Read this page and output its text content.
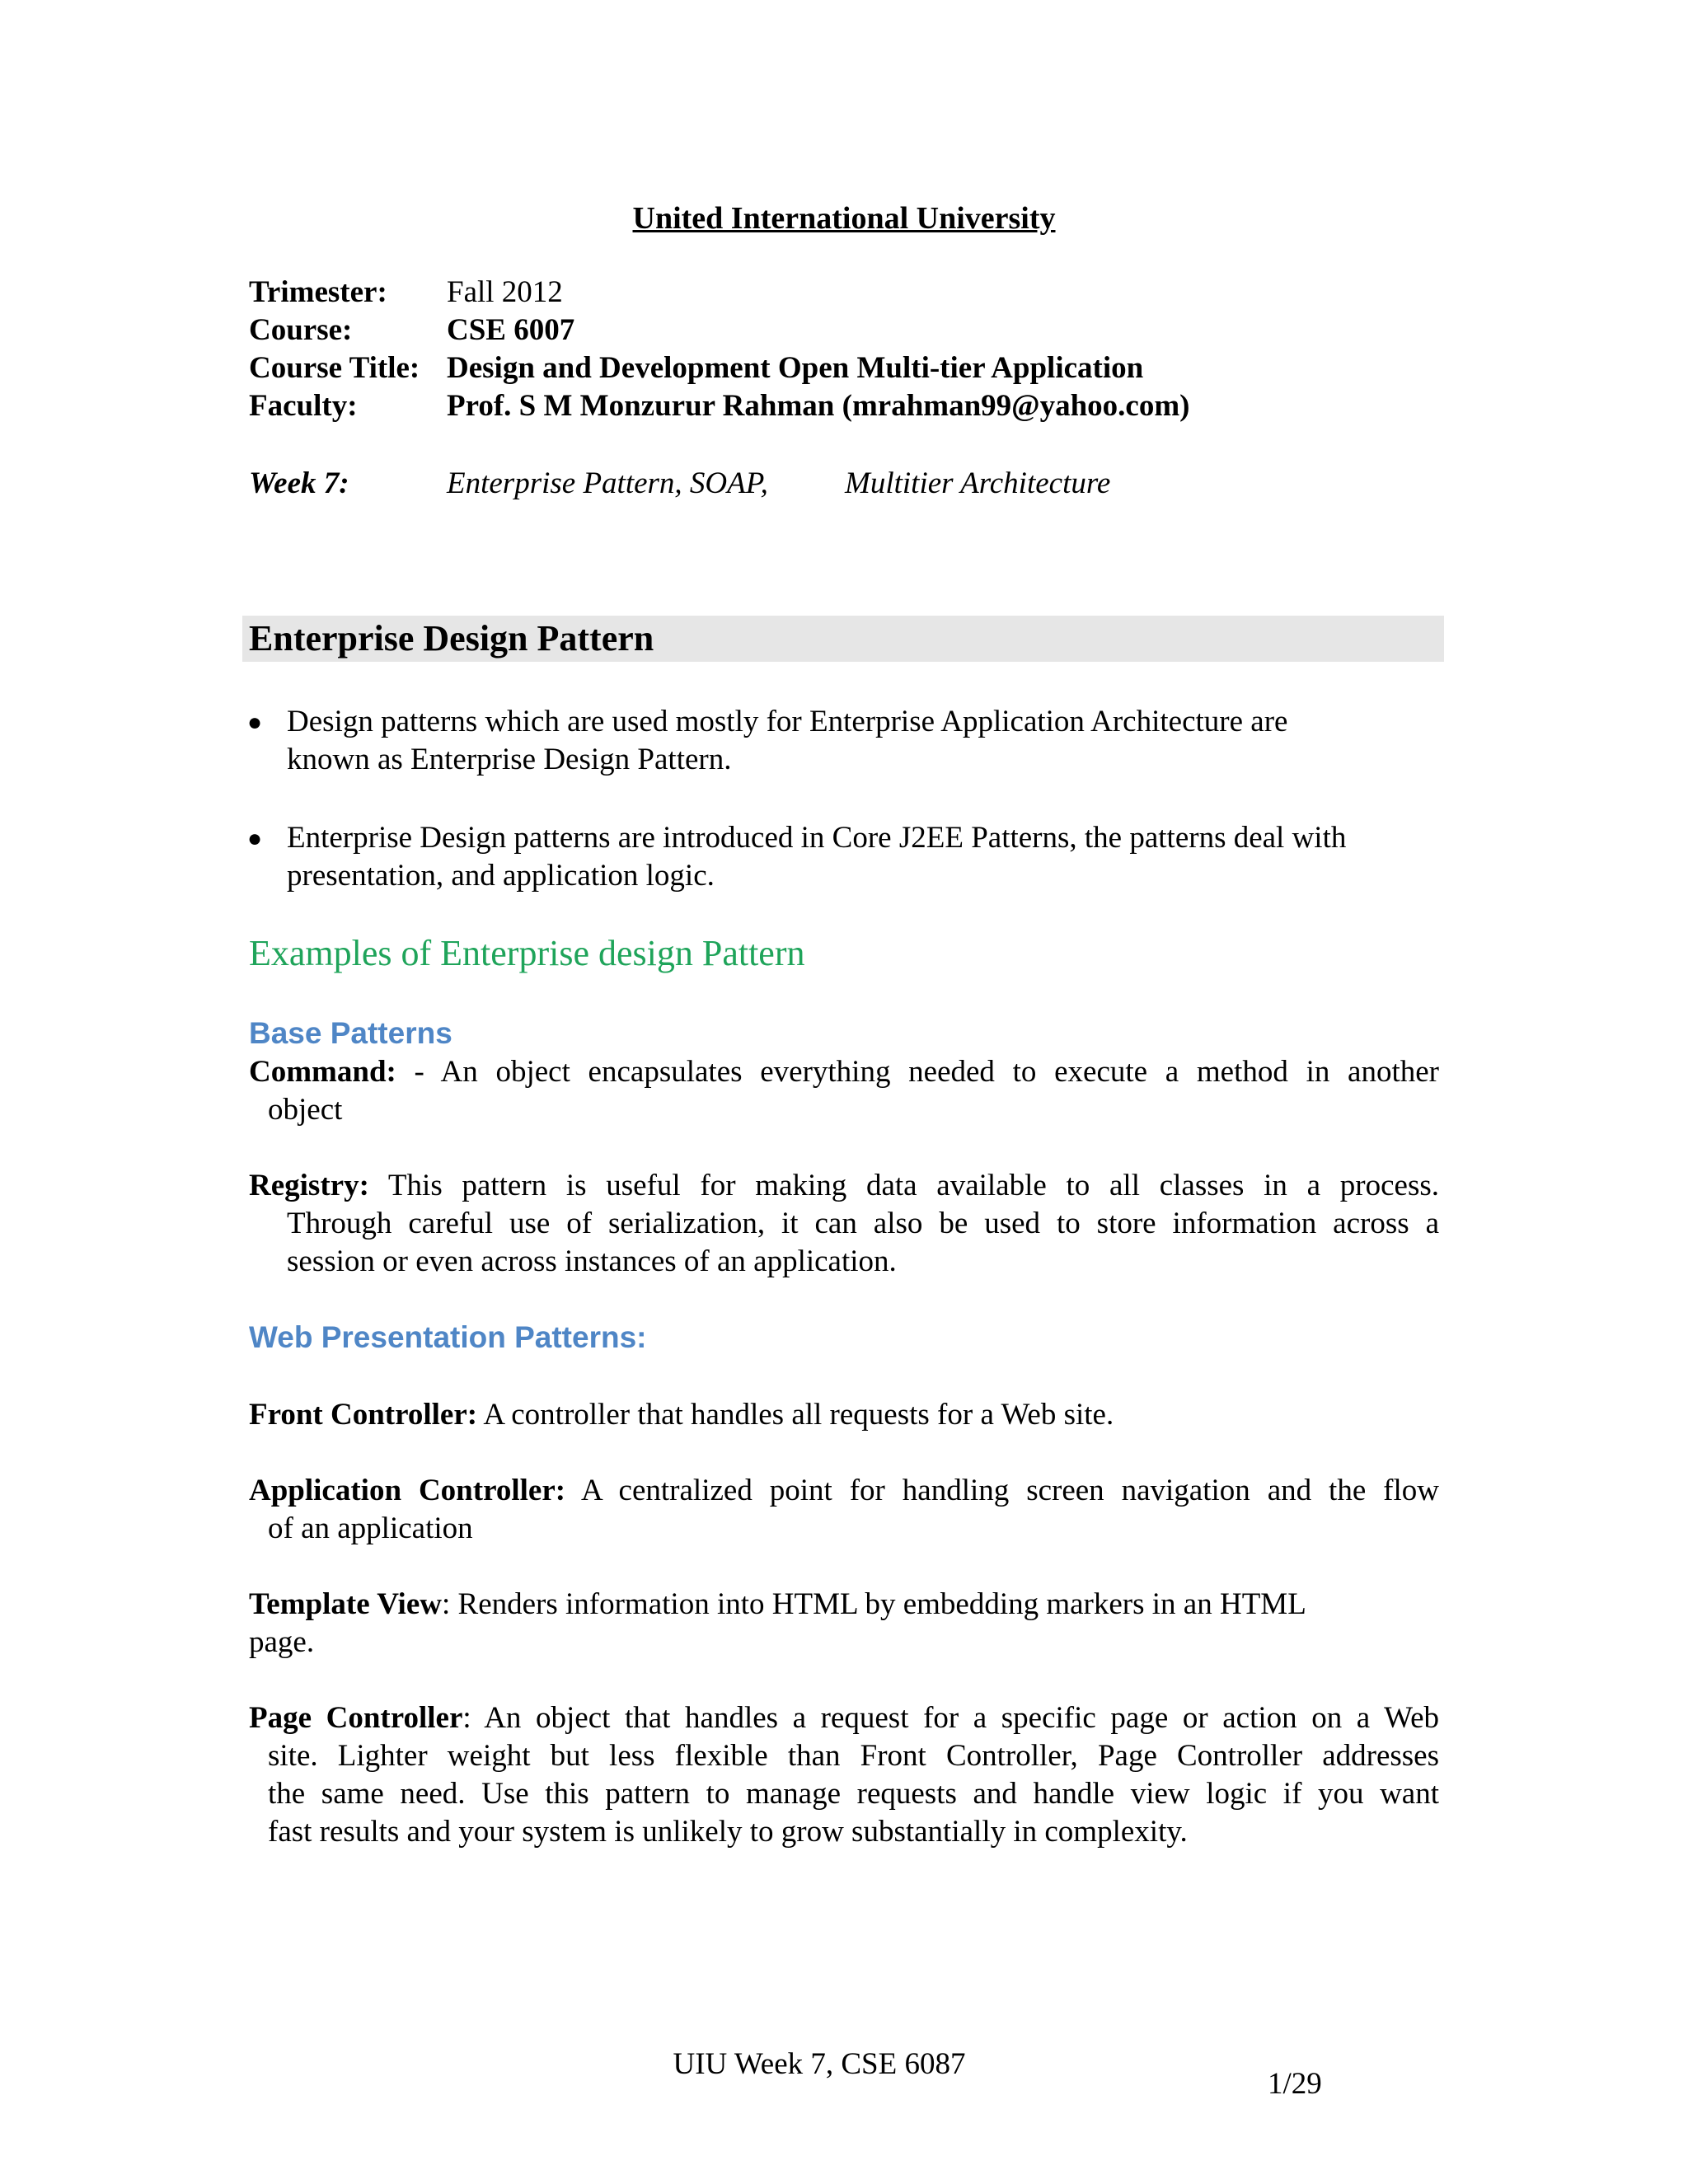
United International University
Trimester: Fall 2012
Course:	CSE 6007
Course Title: Design and Development Open Multi-tier Application
Faculty:	Prof. S M Monzurur Rahman (mrahman99@yahoo.com)
Week 7:	Enterprise Pattern, SOAP,	Multitier Architecture
Enterprise Design Pattern
● Design patterns which are used mostly for Enterprise Application Architecture are
known as Enterprise Design Pattern.
● Enterprise Design patterns are introduced in Core J2EE Patterns, the patterns deal with
presentation, and application logic.
Examples of Enterprise design Pattern
Base Patterns
Command: - An object encapsulates everything needed to execute a method in another
object
Registry: This pattern is useful for making data available to all classes in a process.
Through careful use of serialization, it can also be used to store information across a
session or even across instances of an application.
Web Presentation Patterns:
Front Controller: A controller that handles all requests for a Web site.
Application Controller: A centralized point for handling screen navigation and the flow
of an application
Template View: Renders information into HTML by embedding markers in an HTML
page.
Page Controller: An object that handles a request for a specific page or action on a Web
site. Lighter weight but less flexible than Front Controller, Page Controller addresses
the same need. Use this pattern to manage requests and handle view logic if you want
fast results and your system is unlikely to grow substantially in complexity.
UIU Week 7, CSE 6087
1/29
